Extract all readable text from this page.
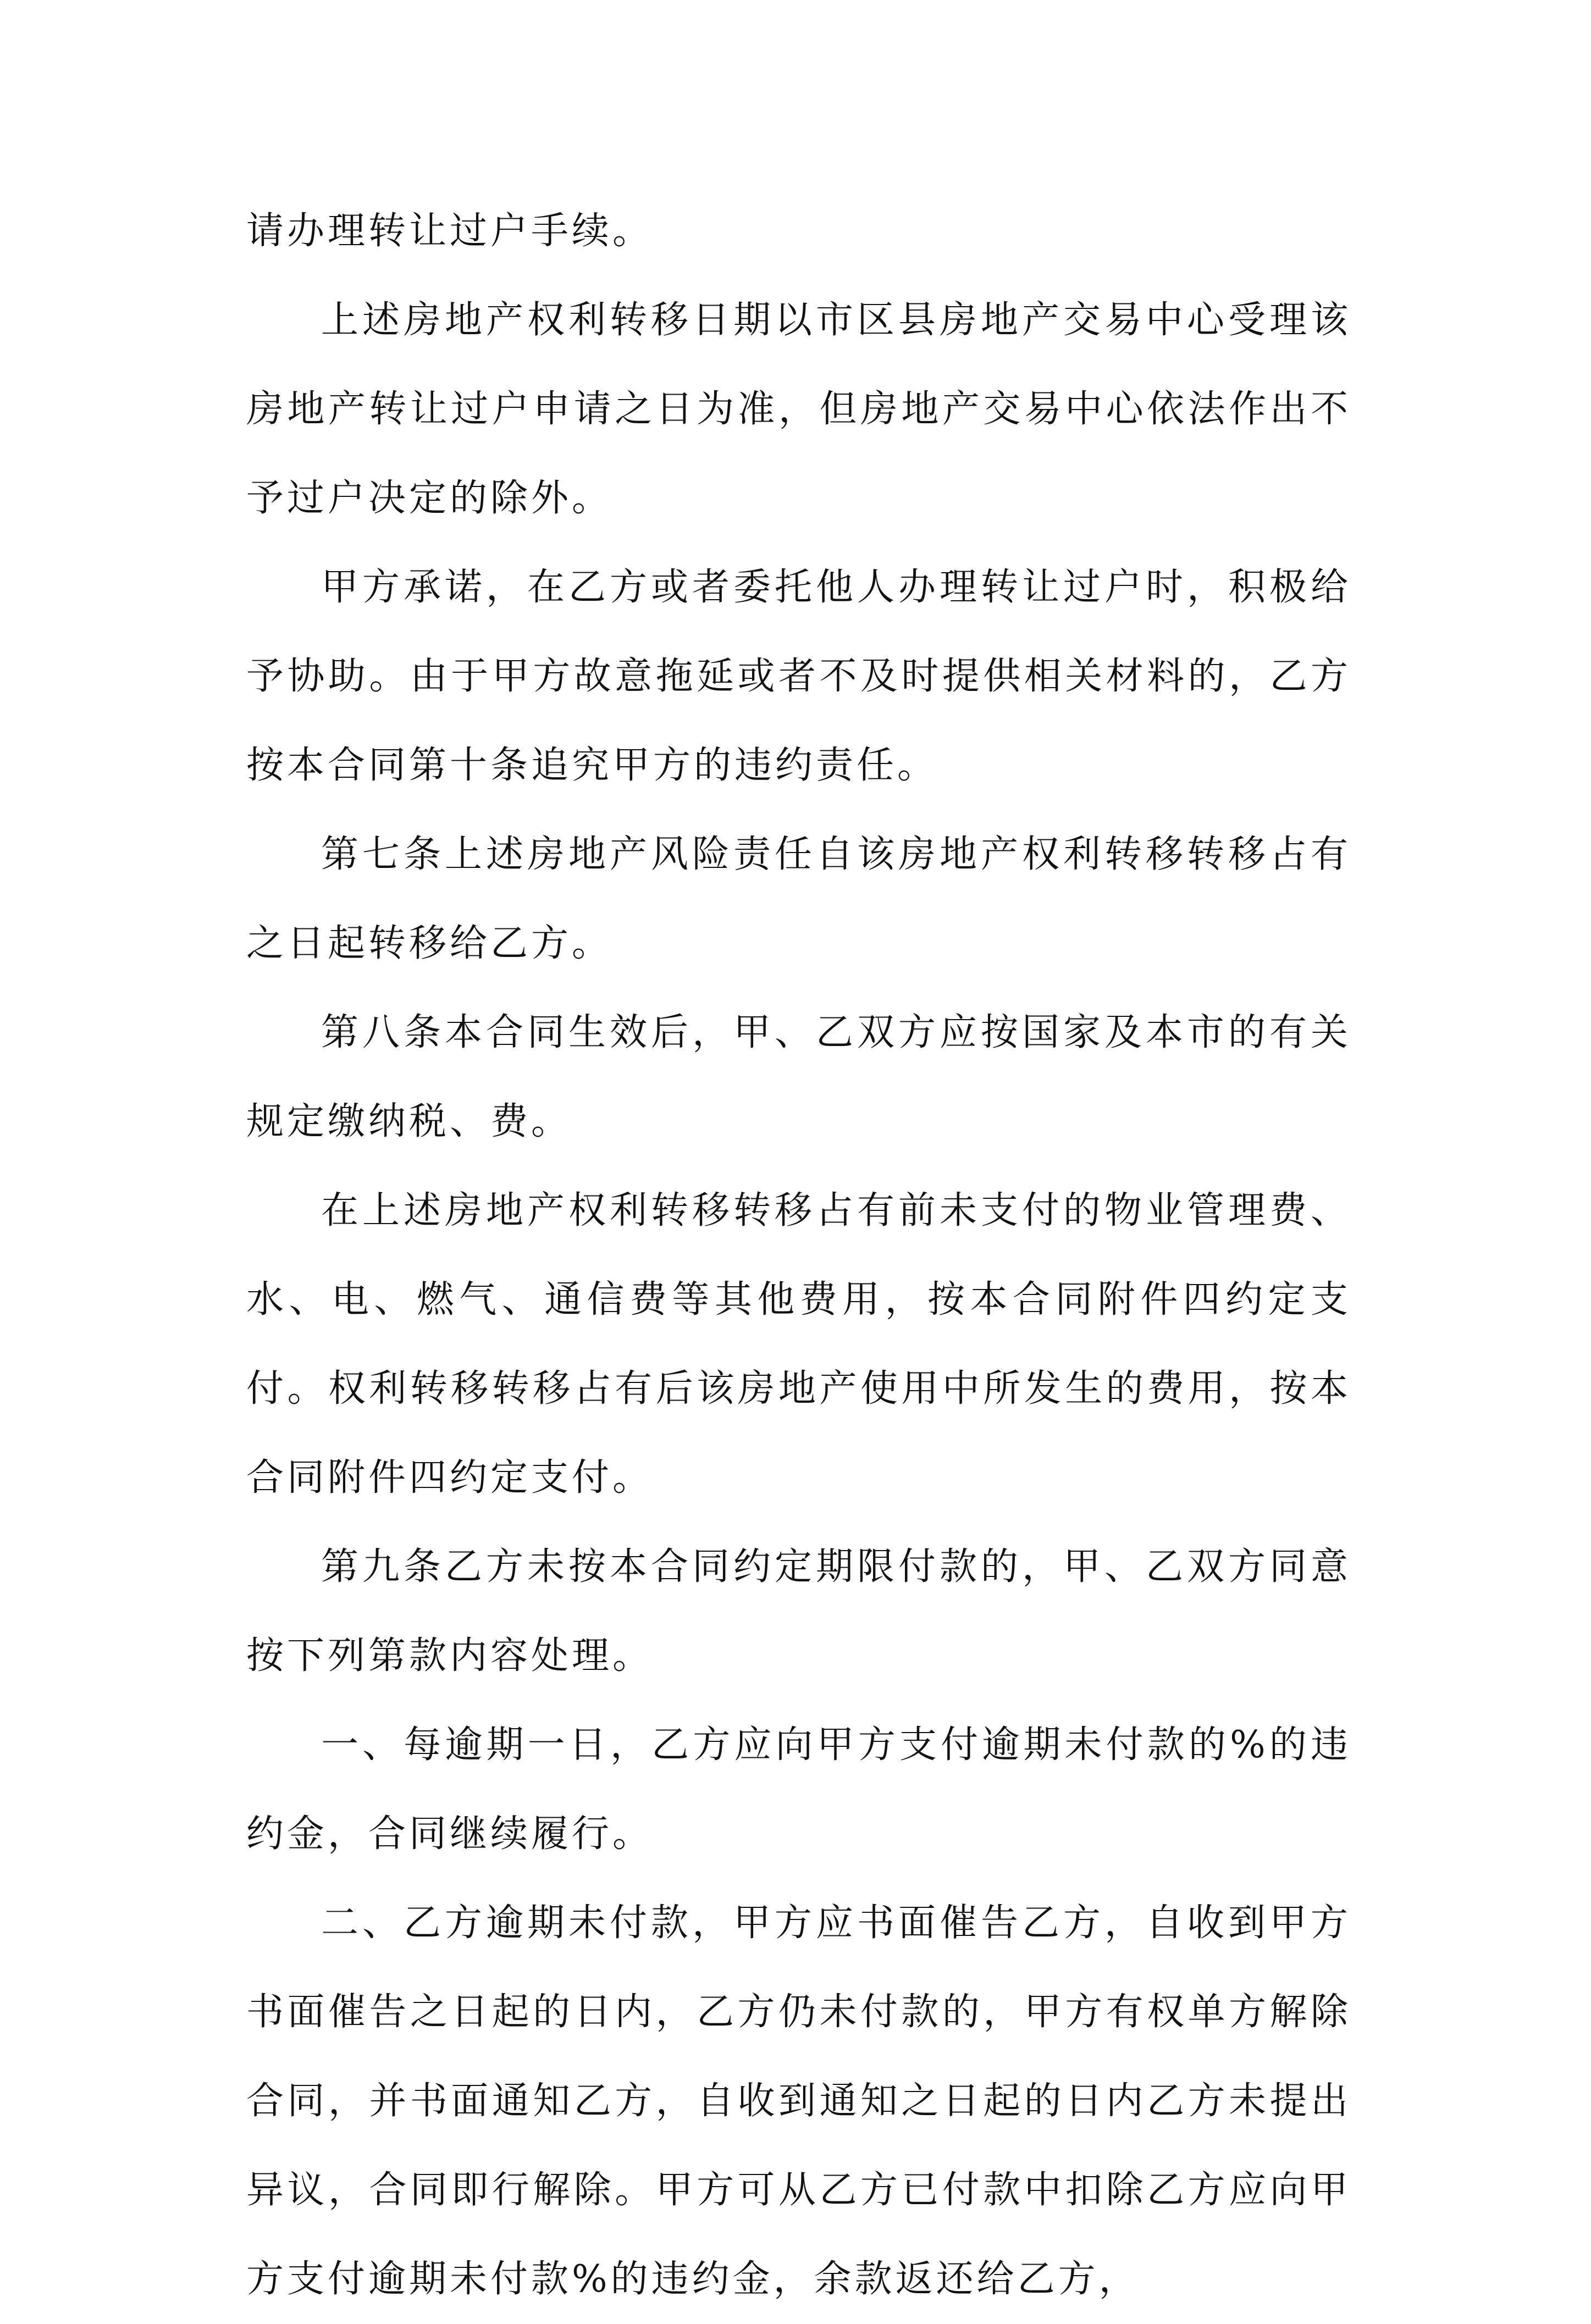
请办理转让过户手续。

上述房地产权利转移日期以市区县房地产交易中心受理该房地产转让过户申请之日为准，但房地产交易中心依法作出不予过户决定的除外。

甲方承诺，在乙方或者委托他人办理转让过户时，积极给予协助。由于甲方故意拖延或者不及时提供相关材料的，乙方按本合同第十条追究甲方的违约责任。

第七条上述房地产风险责任自该房地产权利转移转移占有之日起转移给乙方。

第八条本合同生效后，甲、乙双方应按国家及本市的有关规定缴纳税、费。

在上述房地产权利转移转移占有前未支付的物业管理费、水、电、燃气、通信费等其他费用，按本合同附件四约定支付。权利转移转移占有后该房地产使用中所发生的费用，按本合同附件四约定支付。

第九条乙方未按本合同约定期限付款的，甲、乙双方同意按下列第款内容处理。

一、每逾期一日，乙方应向甲方支付逾期未付款的%的违约金，合同继续履行。

二、乙方逾期未付款，甲方应书面催告乙方，自收到甲方书面催告之日起的日内，乙方仍未付款的，甲方有权单方解除合同，并书面通知乙方，自收到通知之日起的日内乙方未提出异议，合同即行解除。甲方可从乙方已付款中扣除乙方应向甲方支付逾期未付款%的违约金，余款返还给乙方，
